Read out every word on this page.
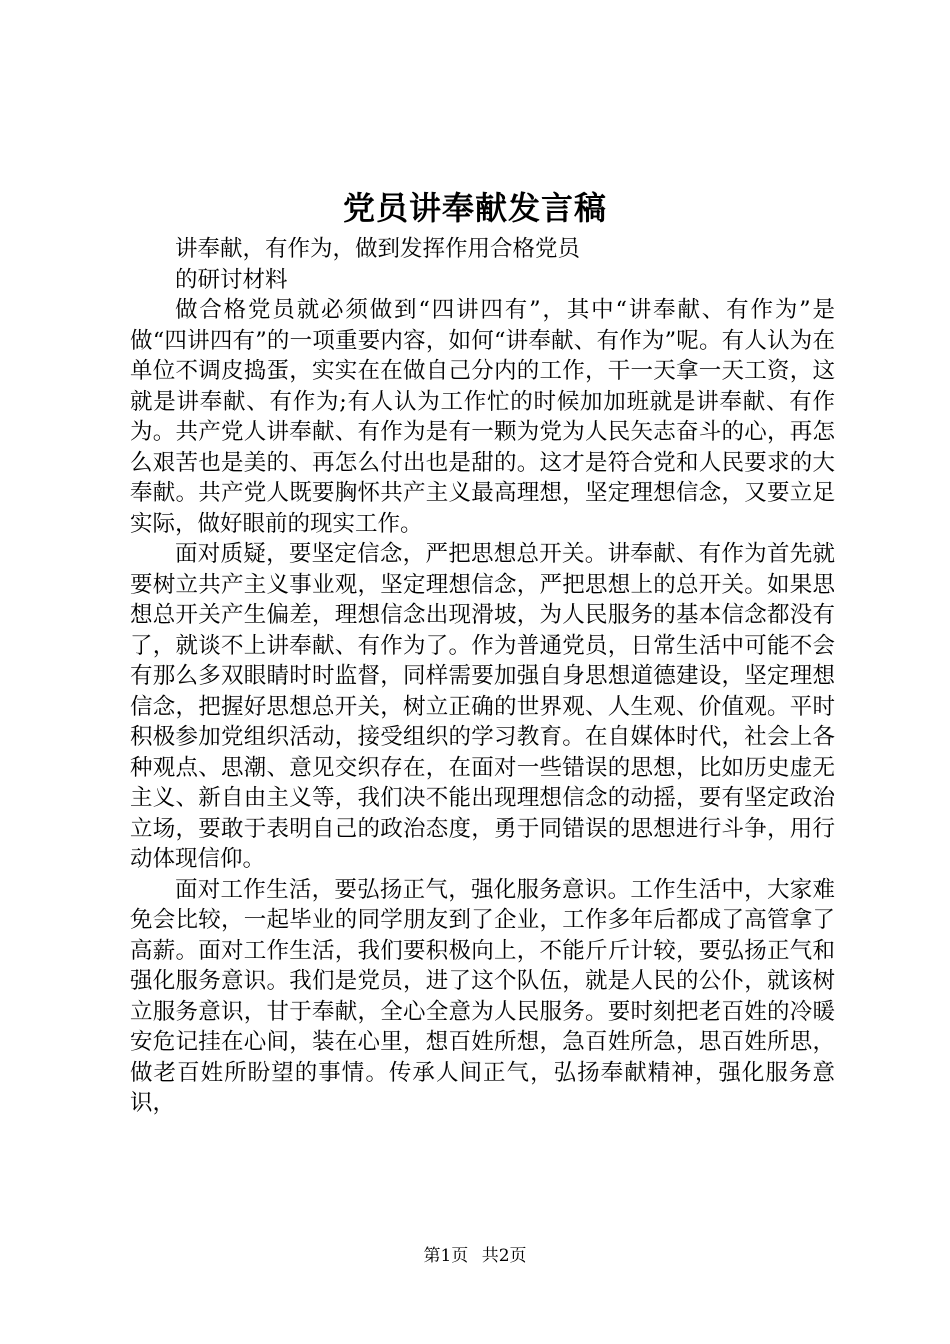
党员讲奉献发言稿

讲奉献，有作为，做到发挥作用合格党员

的研讨材料

做合格党员就必须做到“四讲四有”，其中“讲奉献、有作为”是做“四讲四有”的一项重要内容，如何“讲奉献、有作为”呢。有人认为在单位不调皮捣蛋，实实在在做自己分内的工作，干一天拿一天工资，这就是讲奉献、有作为;有人认为工作忙的时候加加班就是讲奉献、有作为。共产党人讲奉献、有作为是有一颗为党为人民矢志奋斗的心，再怎么艰苦也是美的、再怎么付出也是甜的。这才是符合党和人民要求的大奉献。共产党人既要胸怀共产主义最高理想，坚定理想信念，又要立足实际，做好眼前的现实工作。

面对质疑，要坚定信念，严把思想总开关。讲奉献、有作为首先就要树立共产主义事业观，坚定理想信念，严把思想上的总开关。如果思想总开关产生偏差，理想信念出现滑坡，为人民服务的基本信念都没有了，就谈不上讲奉献、有作为了。作为普通党员，日常生活中可能不会有那么多双眼睛时时监督，同样需要加强自身思想道德建设，坚定理想信念，把握好思想总开关，树立正确的世界观、人生观、价值观。平时积极参加党组织活动，接受组织的学习教育。在自媒体时代，社会上各种观点、思潮、意见交织存在，在面对一些错误的思想，比如历史虚无主义、新自由主义等，我们决不能出现理想信念的动摇，要有坚定政治立场，要敢于表明自己的政治态度，勇于同错误的思想进行斗争，用行动体现信仰。

面对工作生活，要弘扬正气，强化服务意识。工作生活中，大家难免会比较，一起毕业的同学朋友到了企业，工作多年后都成了高管拿了高薪。面对工作生活，我们要积极向上，不能斤斤计较，要弘扬正气和强化服务意识。我们是党员，进了这个队伍，就是人民的公仆，就该树立服务意识，甘于奉献，全心全意为人民服务。要时刻把老百姓的冷暖安危记挂在心间，装在心里，想百姓所想，急百姓所急，思百姓所思，做老百姓所盼望的事情。传承人间正气，弘扬奉献精神，强化服务意识，

第1页 共2页
